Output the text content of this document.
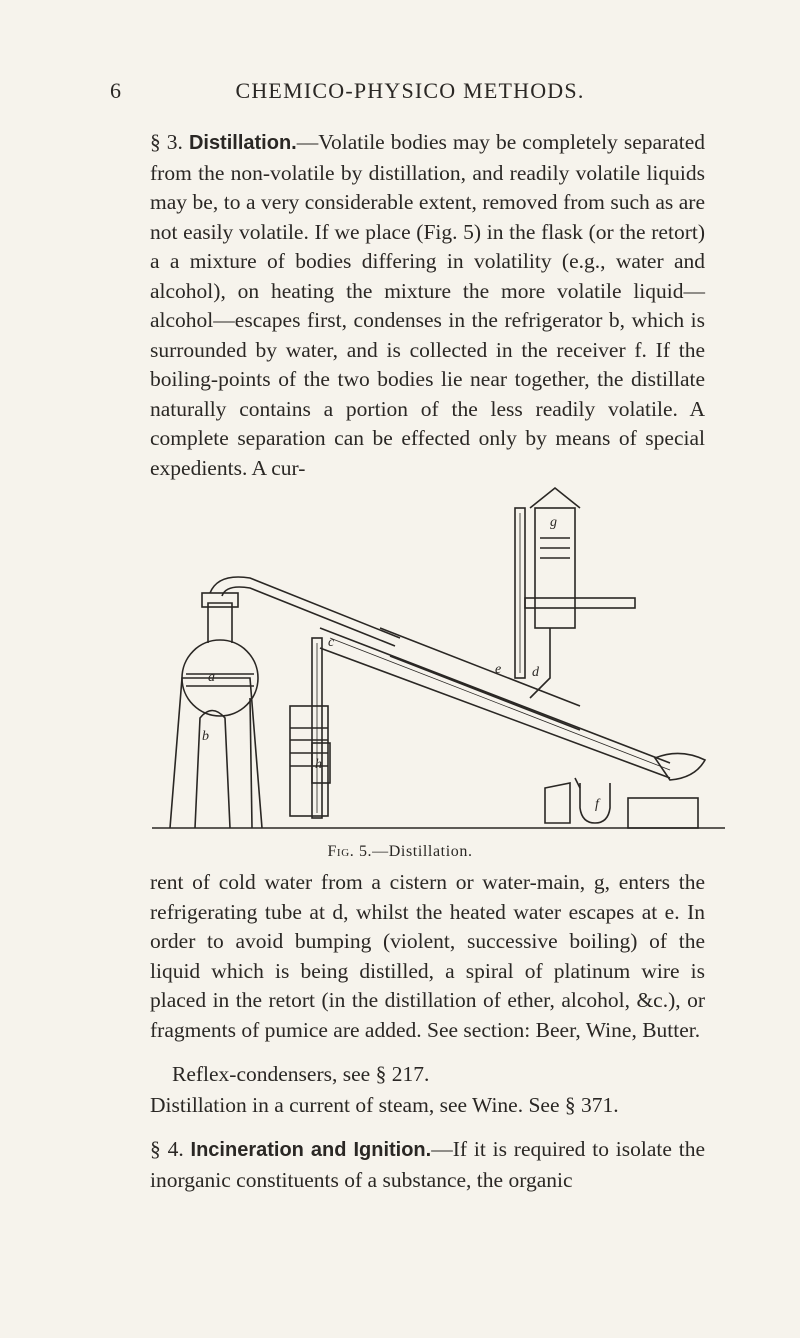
6	CHEMICO-PHYSICO METHODS.

§ 3. Distillation.—Volatile bodies may be completely separated from the non-volatile by distillation, and readily volatile liquids may be, to a very considerable extent, removed from such as are not easily volatile. If we place (Fig. 5) in the flask (or the retort) a a mixture of bodies differing in volatility (e.g., water and alcohol), on heating the mixture the more volatile liquid—alcohol—escapes first, condenses in the refrigerator b, which is surrounded by water, and is collected in the receiver f. If the boiling-points of the two bodies lie near together, the distillate naturally contains a portion of the less readily volatile. A complete separation can be effected only by means of special expedients. A cur-

a
b
c
d
e
f
g
h
Fig. 5.—Distillation.

rent of cold water from a cistern or water-main, g, enters the refrigerating tube at d, whilst the heated water escapes at e. In order to avoid bumping (violent, successive boiling) of the liquid which is being distilled, a spiral of platinum wire is placed in the retort (in the distillation of ether, alcohol, &c.), or fragments of pumice are added. See section: Beer, Wine, Butter.

Reflex-condensers, see § 217.
Distillation in a current of steam, see Wine. See § 371.

§ 4. Incineration and Ignition.—If it is required to isolate the inorganic constituents of a substance, the organic
